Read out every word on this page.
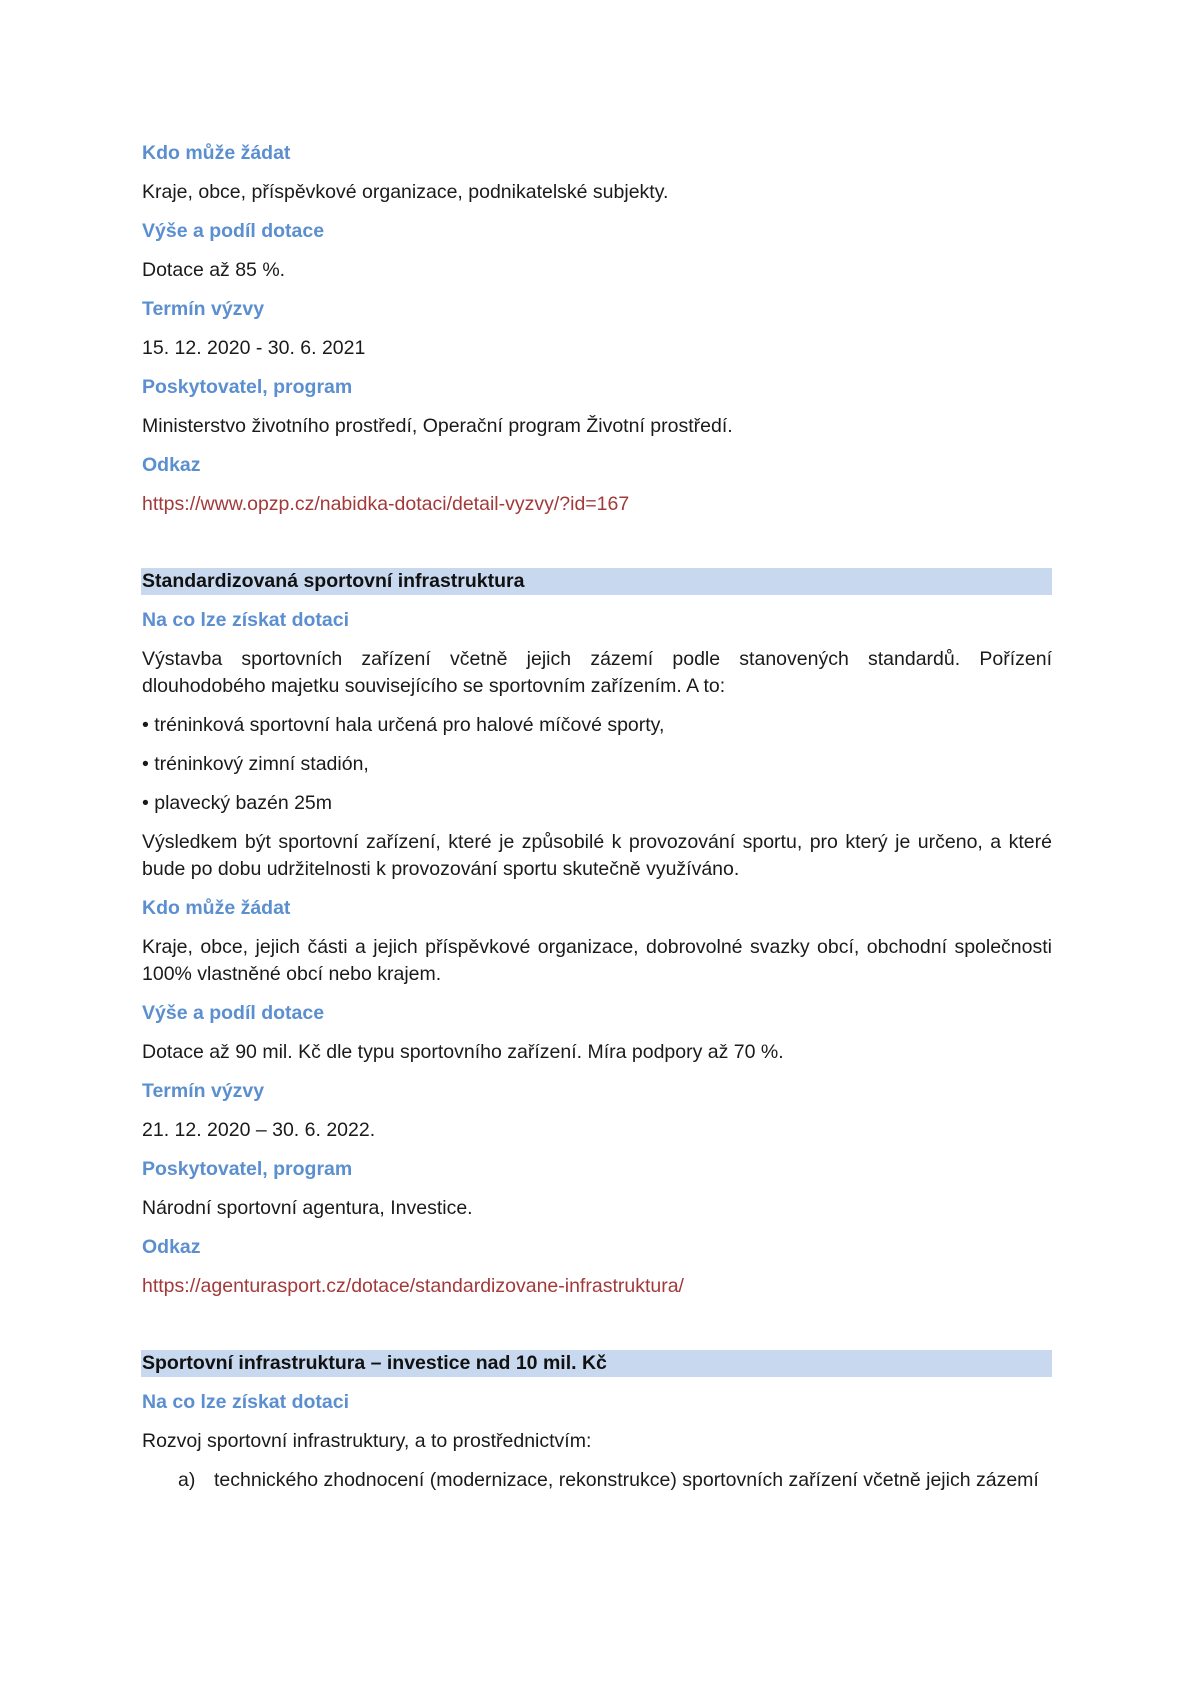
Kdo může žádat
Kraje, obce, příspěvkové organizace, podnikatelské subjekty.
Výše a podíl dotace
Dotace až 85 %.
Termín výzvy
15. 12. 2020 - 30. 6. 2021
Poskytovatel, program
Ministerstvo životního prostředí, Operační program Životní prostředí.
Odkaz
https://www.opzp.cz/nabidka-dotaci/detail-vyzvy/?id=167
Standardizovaná sportovní infrastruktura
Na co lze získat dotaci
Výstavba sportovních zařízení včetně jejich zázemí podle stanovených standardů. Pořízení dlouhodobého majetku souvisejícího se sportovním zařízením. A to:
• tréninková sportovní hala určená pro halové míčové sporty,
• tréninkový zimní stadión,
• plavecký bazén 25m
Výsledkem být sportovní zařízení, které je způsobilé k provozování sportu, pro který je určeno, a které bude po dobu udržitelnosti k provozování sportu skutečně využíváno.
Kdo může žádat
Kraje, obce, jejich části a jejich příspěvkové organizace, dobrovolné svazky obcí, obchodní společnosti 100% vlastněné obcí nebo krajem.
Výše a podíl dotace
Dotace až 90 mil. Kč dle typu sportovního zařízení. Míra podpory až 70 %.
Termín výzvy
21. 12. 2020 – 30. 6. 2022.
Poskytovatel, program
Národní sportovní agentura, Investice.
Odkaz
https://agenturasport.cz/dotace/standardizovane-infrastruktura/
Sportovní infrastruktura – investice nad 10 mil. Kč
Na co lze získat dotaci
Rozvoj sportovní infrastruktury, a to prostřednictvím:
a) technického zhodnocení (modernizace, rekonstrukce) sportovních zařízení včetně jejich zázemí
